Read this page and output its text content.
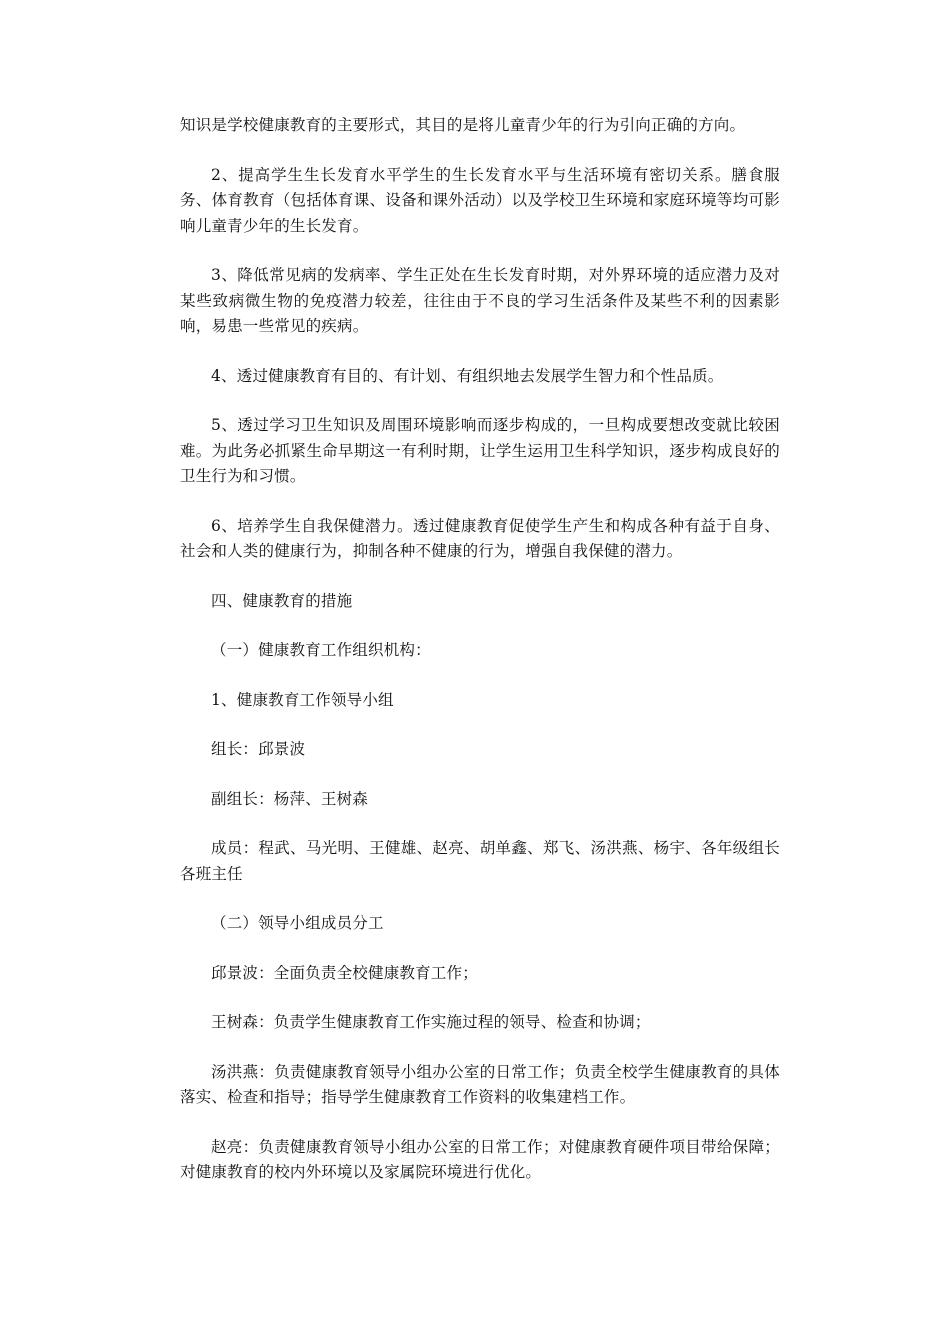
知识是学校健康教育的主要形式，其目的是将儿童青少年的行为引向正确的方向。

2、提高学生生长发育水平学生的生长发育水平与生活环境有密切关系。膳食服务、体育教育（包括体育课、设备和课外活动）以及学校卫生环境和家庭环境等均可影响儿童青少年的生长发育。

3、降低常见病的发病率、学生正处在生长发育时期，对外界环境的适应潜力及对某些致病微生物的免疫潜力较差，往往由于不良的学习生活条件及某些不利的因素影响，易患一些常见的疾病。

4、透过健康教育有目的、有计划、有组织地去发展学生智力和个性品质。

5、透过学习卫生知识及周围环境影响而逐步构成的，一旦构成要想改变就比较困难。为此务必抓紧生命早期这一有利时期，让学生运用卫生科学知识，逐步构成良好的卫生行为和习惯。

6、培养学生自我保健潜力。透过健康教育促使学生产生和构成各种有益于自身、社会和人类的健康行为，抑制各种不健康的行为，增强自我保健的潜力。

四、健康教育的措施

（一）健康教育工作组织机构：

1、健康教育工作领导小组

组长：邱景波

副组长：杨萍、王树森

成员：程武、马光明、王健雄、赵亮、胡单鑫、郑飞、汤洪燕、杨宇、各年级组长各班主任

（二）领导小组成员分工

邱景波：全面负责全校健康教育工作；

王树森：负责学生健康教育工作实施过程的领导、检查和协调；

汤洪燕：负责健康教育领导小组办公室的日常工作；负责全校学生健康教育的具体落实、检查和指导；指导学生健康教育工作资料的收集建档工作。

赵亮：负责健康教育领导小组办公室的日常工作；对健康教育硬件项目带给保障；对健康教育的校内外环境以及家属院环境进行优化。
